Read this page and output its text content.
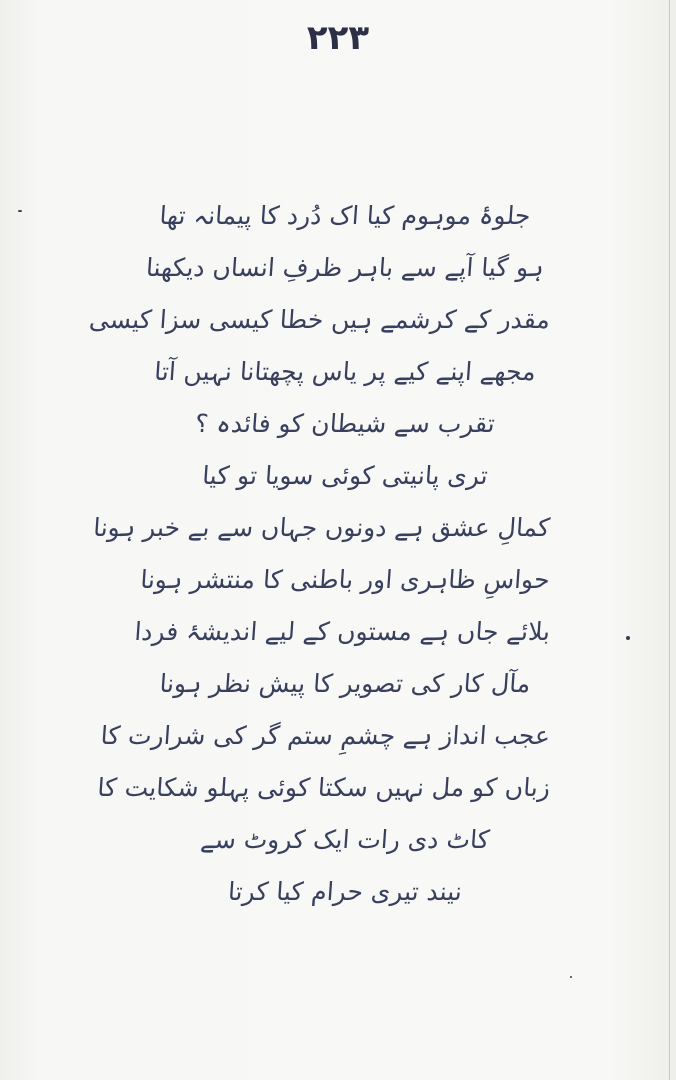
۲۲۳
جلوۂ موہوم کیا اک دُرد کا پیمانہ تھا
ہو گیا آپے سے باہر ظرفِ انساں دیکھنا
مقدر کے کرشمے ہیں خطا کیسی سزا کیسی
مجھے اپنے کیے پر یاس پچھتانا نہیں آتا
تقرب سے شیطان کو فائدہ ؟
تری پانیتی کوئی سویا تو کیا
کمالِ عشق ہے دونوں جہاں سے بے خبر ہونا
حواسِ ظاہری اور باطنی کا منتشر ہونا
بلائے جاں ہے مستوں کے لیے اندیشۂ فردا
مآل کار کی تصویر کا پیش نظر ہونا
عجب انداز ہے چشمِ ستم گر کی شرارت کا
زباں کو مل نہیں سکتا کوئی پہلو شکایت کا
کاٹ دی رات ایک کروٹ سے
نیند تیری حرام کیا کرتا
